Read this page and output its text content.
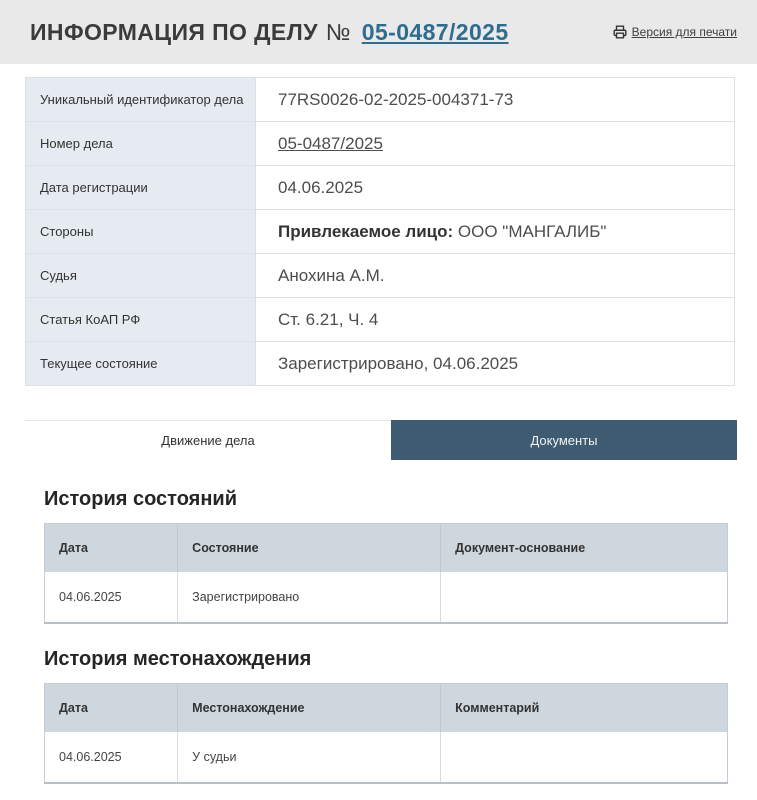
ИНФОРМАЦИЯ ПО ДЕЛУ № 05-0487/2025	Версия для печати
Уникальный идентификатор дела	77RS0026-02-2025-004371-73
Номер дела	05-0487/2025
Дата регистрации	04.06.2025
Стороны	Привлекаемое лицо: ООО "МАНГАЛИБ"
Судья	Анохина А.М.
Статья КоАП РФ	Ст. 6.21, Ч. 4
Текущее состояние	Зарегистрировано, 04.06.2025
Движение дела	Документы
История состояний
Дата	Состояние	Документ-основание
04.06.2025	Зарегистрировано	
История местонахождения
Дата	Местонахождение	Комментарий
04.06.2025	У судьи	
